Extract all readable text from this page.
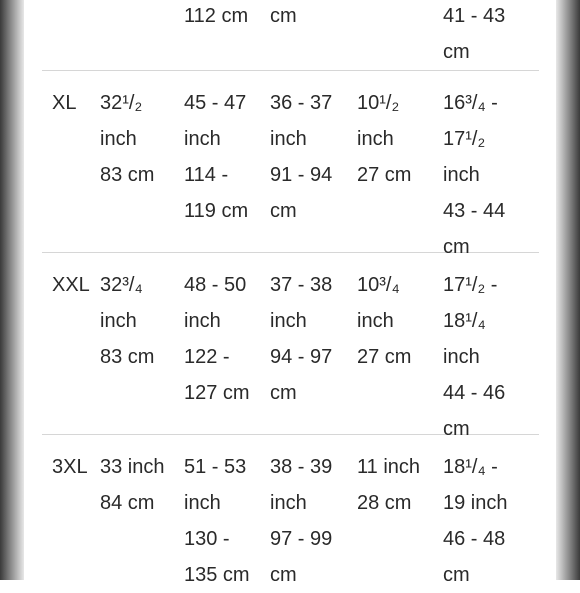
112 cm cm	41 - 43
cm
XL 32¹/₂
inch
83 cm
45 - 47
inch
114 -
119 cm
36 - 37
inch
91 - 94
cm
10¹/₂
inch
27 cm
16³/₄ -
17¹/₂
inch
43 - 44
cm
XXL 32³/₄
inch
83 cm
48 - 50
inch
122 -
127 cm
37 - 38
inch
94 - 97
cm
10³/₄
inch
27 cm
17¹/₂ -
18¹/₄
inch
44 - 46
cm
3XL 33 inch
84 cm
51 - 53
inch
130 -
135 cm
38 - 39
inch
97 - 99
cm
11 inch
28 cm
18¹/₄ -
19 inch
46 - 48
cm
